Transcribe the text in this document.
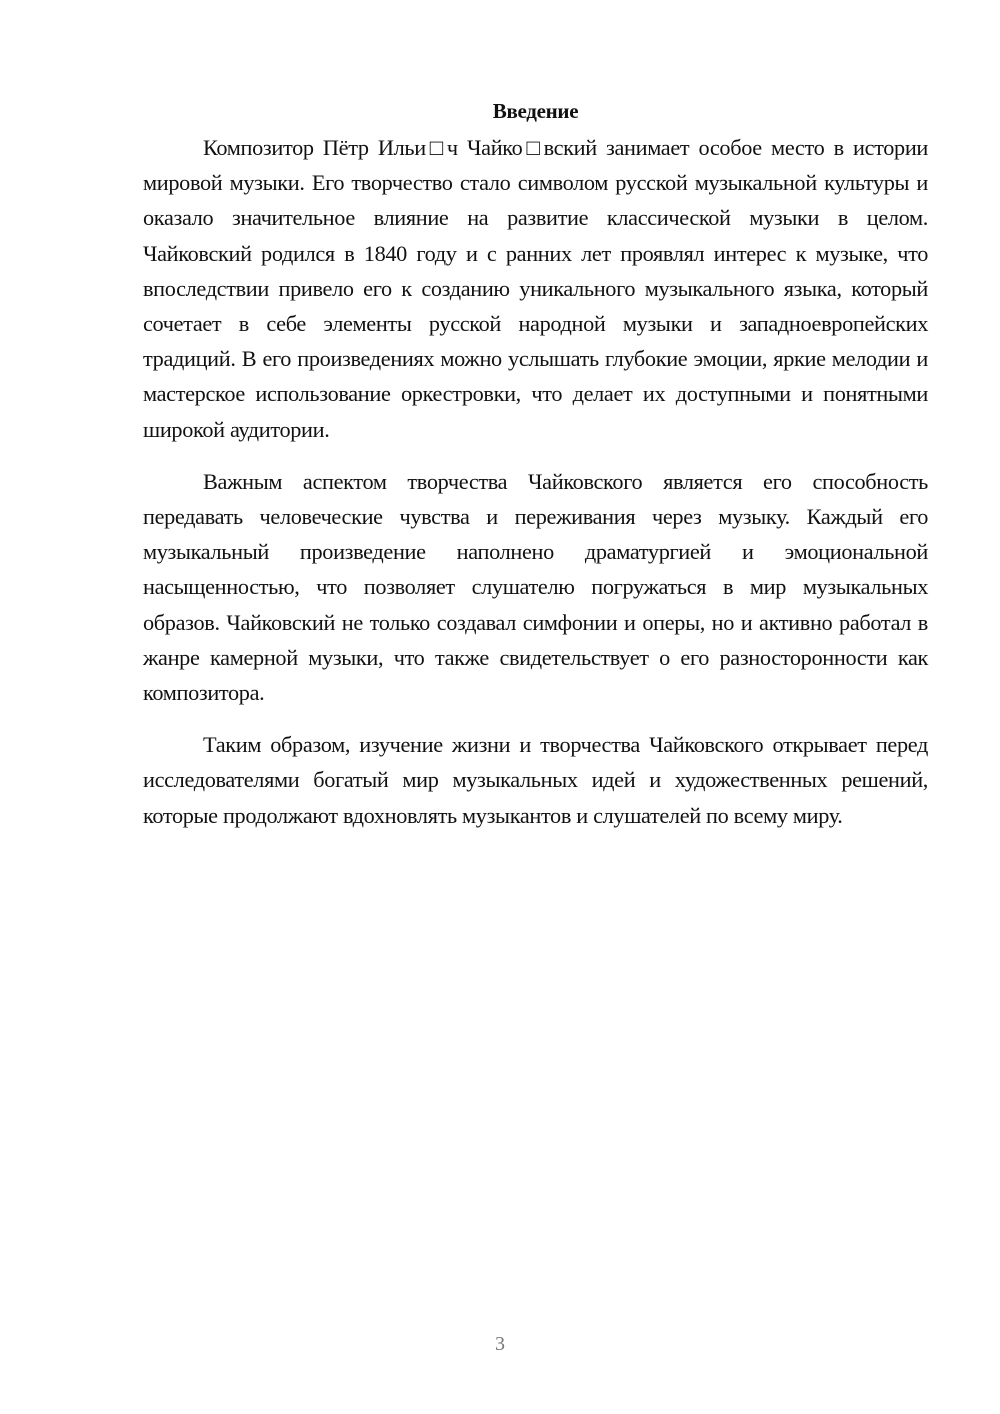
Введение

Композитор Пётр Ильи□ч Чайко□вский занимает особое место в истории мировой музыки. Его творчество стало символом русской музыкальной культуры и оказало значительное влияние на развитие классической музыки в целом. Чайковский родился в 1840 году и с ранних лет проявлял интерес к музыке, что впоследствии привело его к созданию уникального музыкального языка, который сочетает в себе элементы русской народной музыки и западноевропейских традиций. В его произведениях можно услышать глубокие эмоции, яркие мелодии и мастерское использование оркестровки, что делает их доступными и понятными широкой аудитории.

Важным аспектом творчества Чайковского является его способность передавать человеческие чувства и переживания через музыку. Каждый его музыкальный произведение наполнено драматургией и эмоциональной насыщенностью, что позволяет слушателю погружаться в мир музыкальных образов. Чайковский не только создавал симфонии и оперы, но и активно работал в жанре камерной музыки, что также свидетельствует о его разносторонности как композитора.

Таким образом, изучение жизни и творчества Чайковского открывает перед исследователями богатый мир музыкальных идей и художественных решений, которые продолжают вдохновлять музыкантов и слушателей по всему миру.

3
